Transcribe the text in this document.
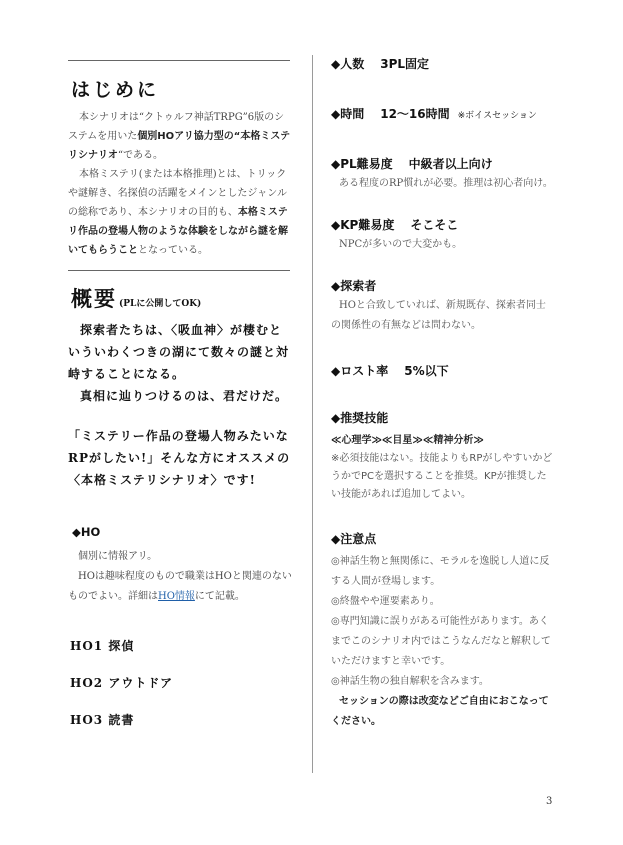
はじめに

本シナリオは“クトゥルフ神話TRPG”6版のシステムを用いた個別HOアリ協力型の“本格ミステリシナリオ“である。

本格ミステリ(または本格推理)とは、トリックや謎解き、名探偵の活躍をメインとしたジャンルの総称であり、本シナリオの目的も、本格ミステリ作品の登場人物のような体験をしながら謎を解いてもらうこととなっている。

概要 (PLに公開してOK)

探索者たちは、〈吸血神〉が棲むといういわくつきの湖にて数々の謎と対峙することになる。

真相に辿りつけるのは、君だけだ。

「ミステリー作品の登場人物みたいなRPがしたい!」そんな方にオススメの〈本格ミステリシナリオ〉です!

◆HO

個別に情報アリ。

HOは趣味程度のもので職業はHOと関連のないものでよい。詳細はHO情報にて記載。

HO1 探偵
HO2 アウトドア
HO3 読書

◆人数 3PL固定

◆時間 12〜16時間 ※ボイスセッション

◆PL難易度 中級者以上向け

ある程度のRP慣れが必要。推理は初心者向け。

◆KP難易度 そこそこ

NPCが多いので大変かも。

◆探索者

HOと合致していれば、新規既存、探索者同士の関係性の有無などは問わない。

◆ロスト率 5%以下

◆推奨技能

≪心理学≫≪目星≫≪精神分析≫

※必須技能はない。技能よりもRPがしやすいかどうかでPCを選択することを推奨。KPが推奨したい技能があれば追加してよい。

◆注意点

◎神話生物と無関係に、モラルを逸脱し人道に反する人間が登場します。

◎終盤やや運要素あり。

◎専門知識に誤りがある可能性があります。あくまでこのシナリオ内ではこうなんだなと解釈していただけますと幸いです。

◎神話生物の独自解釈を含みます。

セッションの際は改変などご自由におこなってください。

3
